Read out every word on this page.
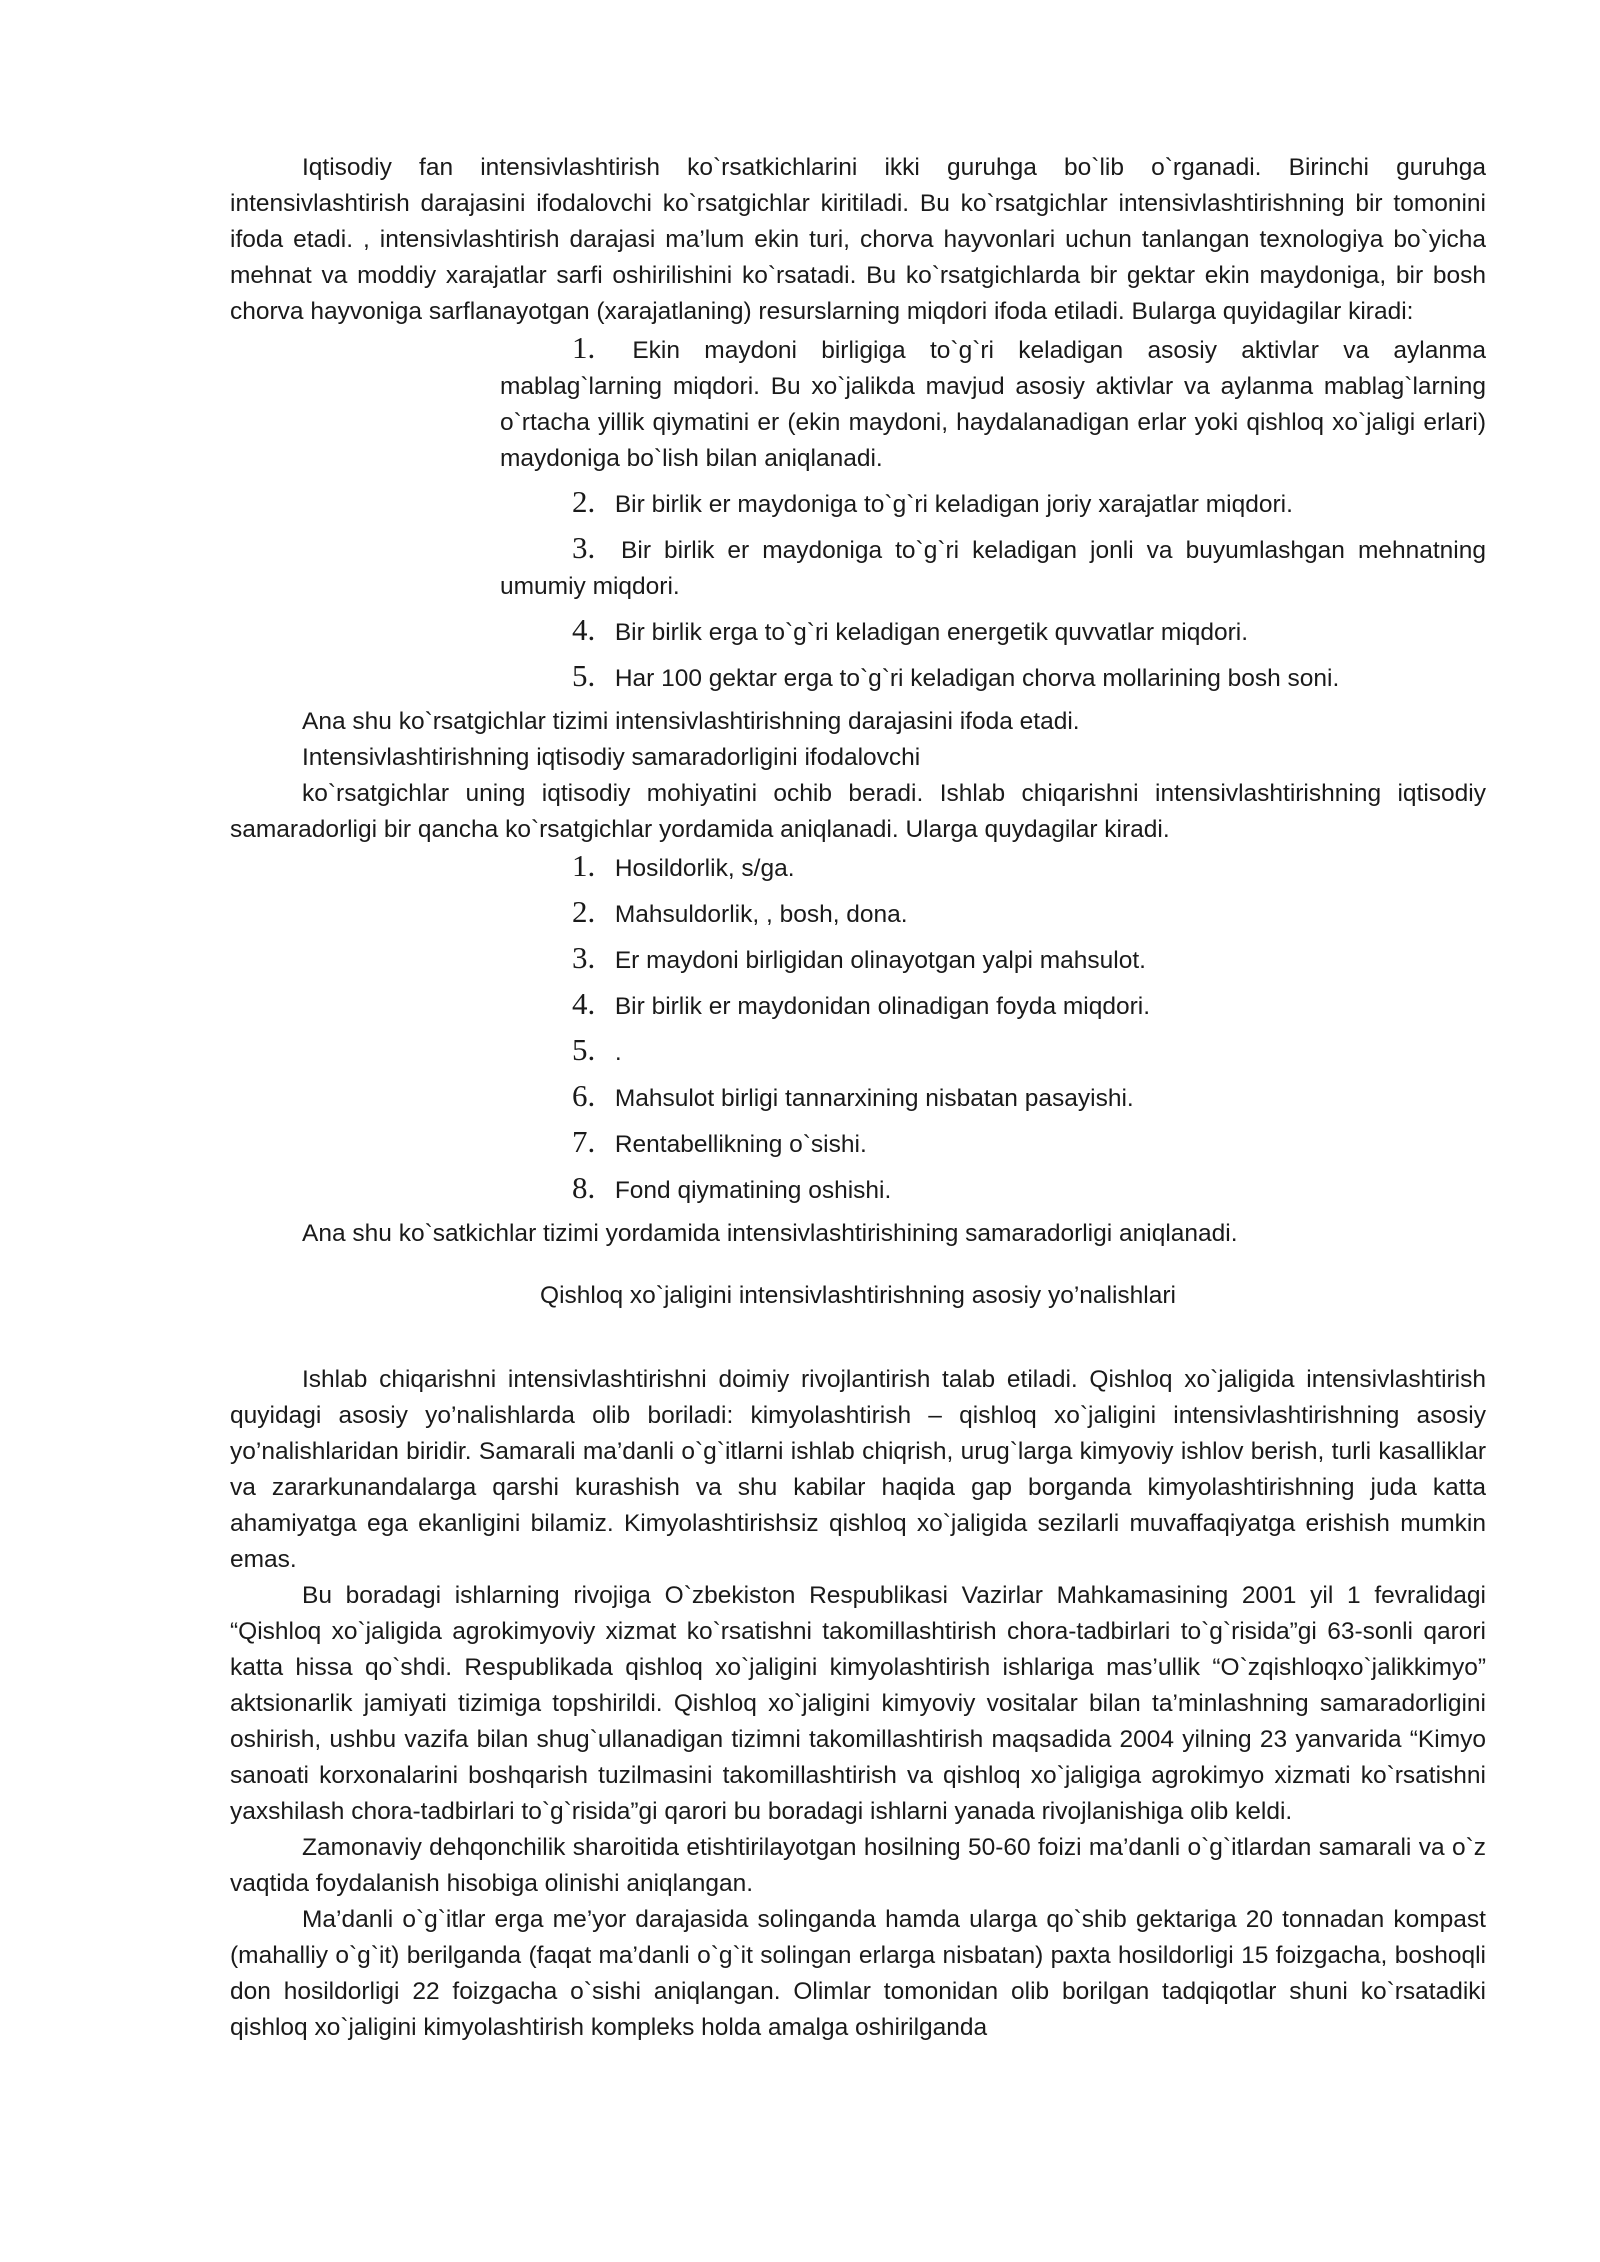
Iqtisodiy fan intensivlashtirish ko`rsatkichlarini ikki guruhga bo`lib o`rganadi. Birinchi guruhga intensivlashtirish darajasini ifodalovchi ko`rsatgichlar kiritiladi. Bu ko`rsatgichlar intensivlashtirishning bir tomonini ifoda etadi. , intensivlashtirish darajasi ma’lum ekin turi, chorva hayvonlari uchun tanlangan texnologiya bo`yicha mehnat va moddiy xarajatlar sarfi oshirilishini ko`rsatadi. Bu ko`rsatgichlarda bir gektar ekin maydoniga, bir bosh chorva hayvoniga sarflanayotgan (xarajatlaning) resurslarning miqdori ifoda etiladi. Bularga quyidagilar kiradi:

1. Ekin maydoni birligiga to`g`ri keladigan asosiy aktivlar va aylanma mablag`larning miqdori. Bu xo`jalikda mavjud asosiy aktivlar va aylanma mablag`larning o`rtacha yillik qiymatini er (ekin maydoni, haydalanadigan erlar yoki qishloq xo`jaligi erlari) maydoniga bo`lish bilan aniqlanadi.
2. Bir birlik er maydoniga to`g`ri keladigan joriy xarajatlar miqdori.
3. Bir birlik er maydoniga to`g`ri keladigan jonli va buyumlashgan mehnatning umumiy miqdori.
4. Bir birlik erga to`g`ri keladigan energetik quvvatlar miqdori.
5. Har 100 gektar erga to`g`ri keladigan chorva mollarining bosh soni.

Ana shu ko`rsatgichlar tizimi intensivlashtirishning darajasini ifoda etadi.

Intensivlashtirishning iqtisodiy samaradorligini ifodalovchi

ko`rsatgichlar uning iqtisodiy mohiyatini ochib beradi. Ishlab chiqarishni intensivlashtirishning iqtisodiy samaradorligi bir qancha ko`rsatgichlar yordamida aniqlanadi. Ularga quydagilar kiradi.

1. Hosildorlik, s/ga.
2. Mahsuldorlik, , bosh, dona.
3. Er maydoni birligidan olinayotgan yalpi mahsulot.
4. Bir birlik er maydonidan olinadigan foyda miqdori.
5. .
6. Mahsulot birligi tannarxining nisbatan pasayishi.
7. Rentabellikning o`sishi.
8. Fond qiymatining oshishi.

Ana shu ko`satkichlar tizimi yordamida intensivlashtirishining samaradorligi aniqlanadi.

Qishloq xo`jaligini intensivlashtirishning asosiy yo’nalishlari

Ishlab chiqarishni intensivlashtirishni doimiy rivojlantirish talab etiladi. Qishloq xo`jaligida intensivlashtirish quyidagi asosiy yo’nalishlarda olib boriladi: kimyolashtirish – qishloq xo`jaligini intensivlashtirishning asosiy yo’nalishlaridan biridir. Samarali ma’danli o`g`itlarni ishlab chiqrish, urug`larga kimyoviy ishlov berish, turli kasalliklar va zararkunandalarga qarshi kurashish va shu kabilar haqida gap borganda kimyolashtirishning juda katta ahamiyatga ega ekanligini bilamiz. Kimyolashtirishsiz qishloq xo`jaligida sezilarli muvaffaqiyatga erishish mumkin emas.

Bu boradagi ishlarning rivojiga O`zbekiston Respublikasi Vazirlar Mahkamasining 2001 yil 1 fevralidagi “Qishloq xo`jaligida agrokimyoviy xizmat ko`rsatishni takomillashtirish chora-tadbirlari to`g`risida”gi 63-sonli qarori katta hissa qo`shdi. Respublikada qishloq xo`jaligini kimyolashtirish ishlariga mas’ullik “O`zqishloqxo`jalikkimyo” aktsionarlik jamiyati tizimiga topshirildi. Qishloq xo`jaligini kimyoviy vositalar bilan ta’minlashning samaradorligini oshirish, ushbu vazifa bilan shug`ullanadigan tizimni takomillashtirish maqsadida 2004 yilning 23 yanvarida “Kimyo sanoati korxonalarini boshqarish tuzilmasini takomillashtirish va qishloq xo`jaligiga agrokimyo xizmati ko`rsatishni yaxshilash chora-tadbirlari to`g`risida”gi qarori bu boradagi ishlarni yanada rivojlanishiga olib keldi.

Zamonaviy dehqonchilik sharoitida etishtirilayotgan hosilning 50-60 foizi ma’danli o`g`itlardan samarali va o`z vaqtida foydalanish hisobiga olinishi aniqlangan.

Ma’danli o`g`itlar erga me’yor darajasida solinganda hamda ularga qo`shib gektariga 20 tonnadan kompast (mahalliy o`g`it) berilganda (faqat ma’danli o`g`it solingan erlarga nisbatan) paxta hosildorligi 15 foizgacha, boshoqli don hosildorligi 22 foizgacha o`sishi aniqlangan. Olimlar tomonidan olib borilgan tadqiqotlar shuni ko`rsatadiki qishloq xo`jaligini kimyolashtirish kompleks holda amalga oshirilganda
